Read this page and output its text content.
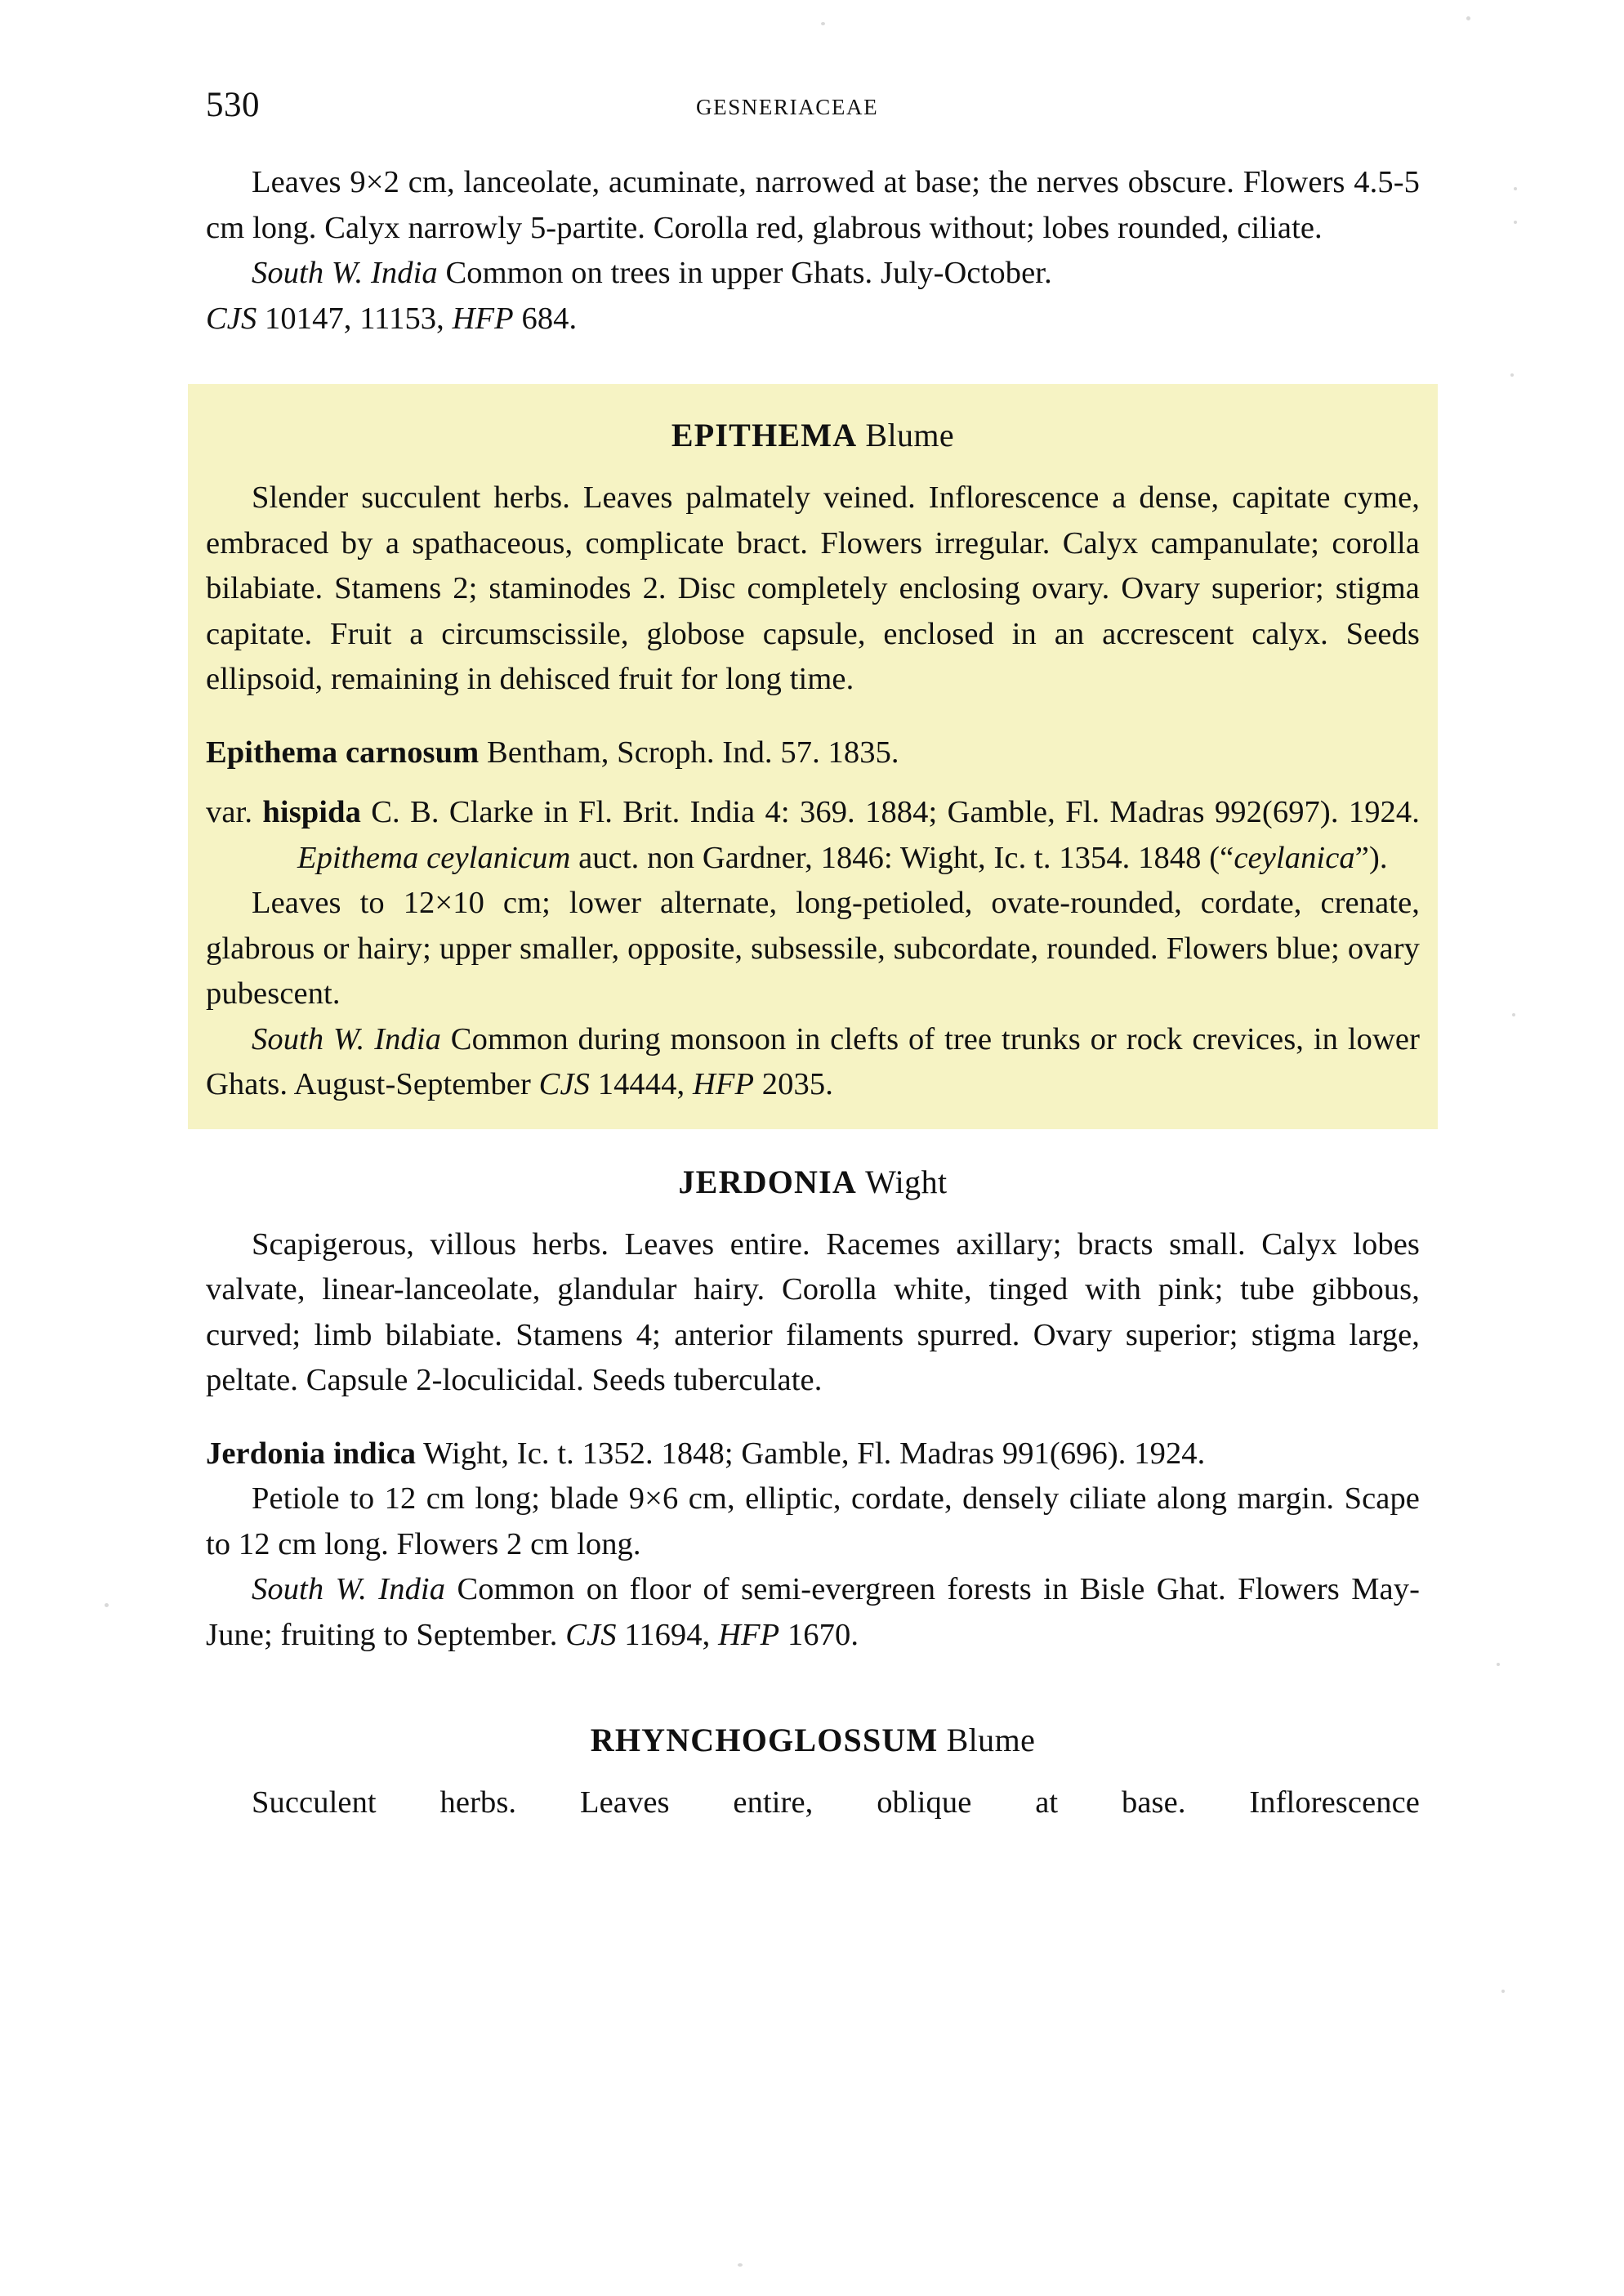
530	GESNERIACEAE

Leaves 9×2 cm, lanceolate, acuminate, narrowed at base; the nerves obscure. Flowers 4.5-5 cm long. Calyx narrowly 5-partite. Corolla red, glabrous without; lobes rounded, ciliate.

South W. India Common on trees in upper Ghats. July-October.

CJS 10147, 11153, HFP 684.

EPITHEMA Blume

Slender succulent herbs. Leaves palmately veined. Inflorescence a dense, capitate cyme, embraced by a spathaceous, complicate bract. Flowers irregular. Calyx campanulate; corolla bilabiate. Stamens 2; staminodes 2. Disc completely enclosing ovary. Ovary superior; stigma capitate. Fruit a circumscissile, globose capsule, enclosed in an accrescent calyx. Seeds ellipsoid, remaining in dehisced fruit for long time.

Epithema carnosum Bentham, Scroph. Ind. 57. 1835.

var. hispida C. B. Clarke in Fl. Brit. India 4: 369. 1884; Gamble, Fl. Madras 992(697). 1924. Epithema ceylanicum auct. non Gardner, 1846: Wight, Ic. t. 1354. 1848 (“ceylanica”).

Leaves to 12×10 cm; lower alternate, long-petioled, ovate-rounded, cordate, crenate, glabrous or hairy; upper smaller, opposite, subsessile, subcordate, rounded. Flowers blue; ovary pubescent.

South W. India Common during monsoon in clefts of tree trunks or rock crevices, in lower Ghats. August-September CJS 14444, HFP 2035.

JERDONIA Wight

Scapigerous, villous herbs. Leaves entire. Racemes axillary; bracts small. Calyx lobes valvate, linear-lanceolate, glandular hairy. Corolla white, tinged with pink; tube gibbous, curved; limb bilabiate. Stamens 4; anterior filaments spurred. Ovary superior; stigma large, peltate. Capsule 2-loculicidal. Seeds tuberculate.

Jerdonia indica Wight, Ic. t. 1352. 1848; Gamble, Fl. Madras 991(696). 1924.

Petiole to 12 cm long; blade 9×6 cm, elliptic, cordate, densely ciliate along margin. Scape to 12 cm long. Flowers 2 cm long.

South W. India Common on floor of semi-evergreen forests in Bisle Ghat. Flowers May-June; fruiting to September. CJS 11694, HFP 1670.

RHYNCHOGLOSSUM Blume

Succulent herbs. Leaves entire, oblique at base. Inflorescence
